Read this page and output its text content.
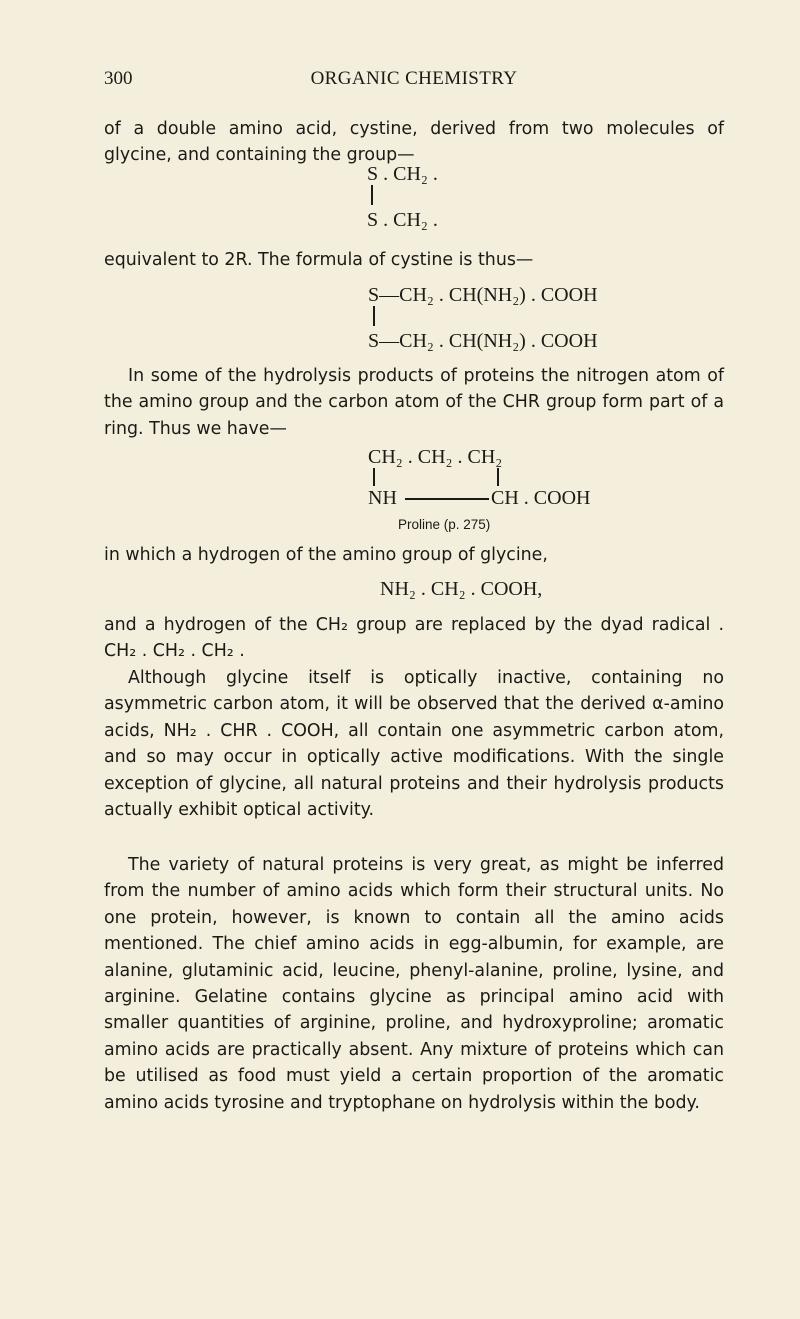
300	ORGANIC CHEMISTRY

of a double amino acid, cystine, derived from two molecules of glycine, and containing the group—

S . CH₂ .
S . CH₂ .

equivalent to 2R. The formula of cystine is thus—

S—CH₂ . CH(NH₂) . COOH
S—CH₂ . CH(NH₂) . COOH

In some of the hydrolysis products of proteins the nitrogen atom of the amino group and the carbon atom of the CHR group form part of a ring. Thus we have—

CH₂ . CH₂ . CH₂
NH	CH . COOH
Proline (p. 275)

in which a hydrogen of the amino group of glycine,

NH₂ . CH₂ . COOH,

and a hydrogen of the CH₂ group are replaced by the dyad radical . CH₂ . CH₂ . CH₂ .

Although glycine itself is optically inactive, containing no asymmetric carbon atom, it will be observed that the derived α-amino acids, NH₂ . CHR . COOH, all contain one asymmetric carbon atom, and so may occur in optically active modifications. With the single exception of glycine, all natural proteins and their hydrolysis products actually exhibit optical activity.

The variety of natural proteins is very great, as might be inferred from the number of amino acids which form their structural units. No one protein, however, is known to contain all the amino acids mentioned. The chief amino acids in egg-albumin, for example, are alanine, glutaminic acid, leucine, phenyl-alanine, proline, lysine, and arginine. Gelatine contains glycine as principal amino acid with smaller quantities of arginine, proline, and hydroxyproline; aromatic amino acids are practically absent. Any mixture of proteins which can be utilised as food must yield a certain proportion of the aromatic amino acids tyrosine and tryptophane on hydrolysis within the body.
